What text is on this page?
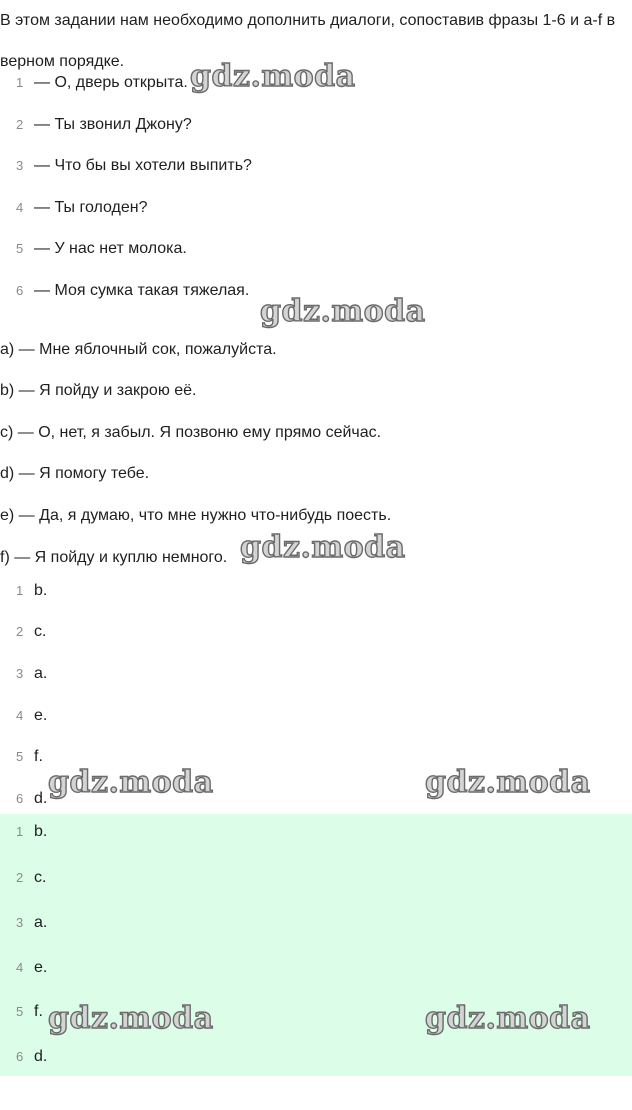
В этом задании нам необходимо дополнить диалоги, сопоставив фразы 1-6 и a-f в верном порядке.
1 — О, дверь открыта.
2 — Ты звонил Джону?
3 — Что бы вы хотели выпить?
4 — Ты голоден?
5 — У нас нет молока.
6 — Моя сумка такая тяжелая.
a) — Мне яблочный сок, пожалуйста.
b) — Я пойду и закрою её.
c) — О, нет, я забыл. Я позвоню ему прямо сейчас.
d) — Я помогу тебе.
e) — Да, я думаю, что мне нужно что-нибудь поесть.
f) — Я пойду и куплю немного.
1 b.
2 c.
3 a.
4 e.
5 f.
6 d.
1 b.
2 c.
3 a.
4 e.
5 f.
6 d.
gdz.moda
gdz.moda
gdz.moda
gdz.moda	gdz.moda
gdz.moda	gdz.moda
